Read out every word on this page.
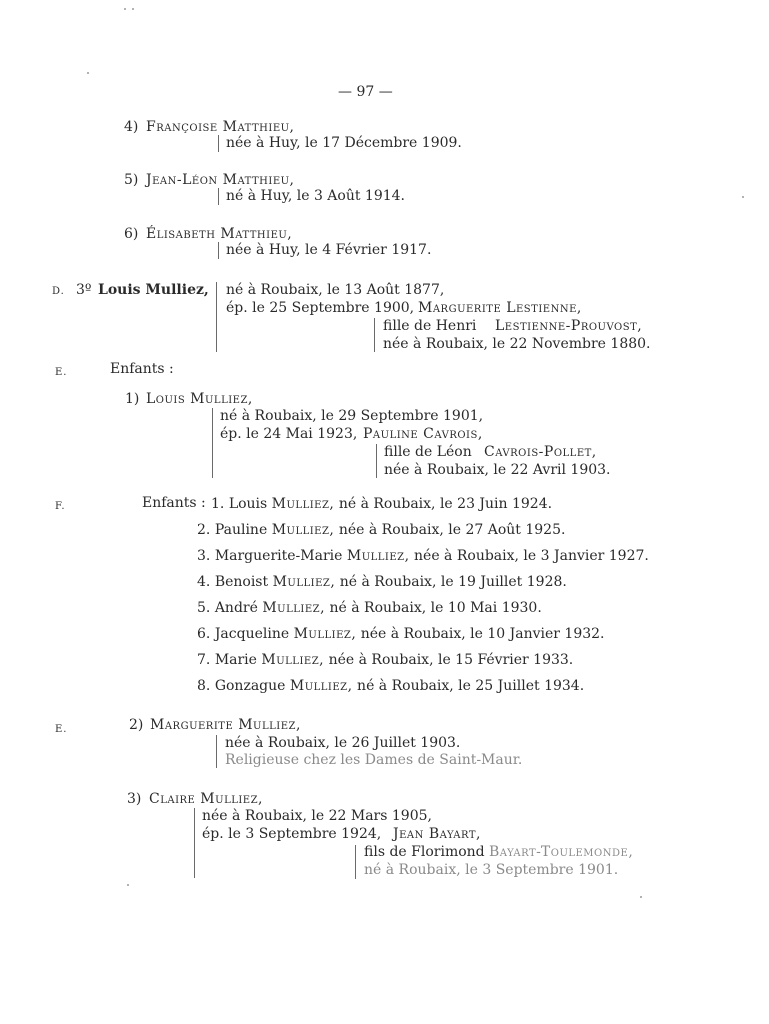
— 97 —
4) Françoise Matthieu,
née à Huy, le 17 Décembre 1909.
5) Jean-Léon Matthieu,
né à Huy, le 3 Août 1914.
6) Élisabeth Matthieu,
née à Huy, le 4 Février 1917.
D. 3º Louis Mulliez, né à Roubaix, le 13 Août 1877,
ép. le 25 Septembre 1900, Marguerite Lestienne,
fille de Henri Lestienne-Prouvost,
née à Roubaix, le 22 Novembre 1880.
E.	Enfants :
1) Louis Mulliez,
né à Roubaix, le 29 Septembre 1901,
ép. le 24 Mai 1923, Pauline Cavrois,
fille de Léon Cavrois-Pollet,
née à Roubaix, le 22 Avril 1903.
F.	Enfants : 1. Louis Mulliez, né à Roubaix, le 23 Juin 1924.
2. Pauline Mulliez, née à Roubaix, le 27 Août 1925.
3. Marguerite-Marie Mulliez, née à Roubaix, le 3 Janvier 1927.
4. Benoist Mulliez, né à Roubaix, le 19 Juillet 1928.
5. André Mulliez, né à Roubaix, le 10 Mai 1930.
6. Jacqueline Mulliez, née à Roubaix, le 10 Janvier 1932.
7. Marie Mulliez, née à Roubaix, le 15 Février 1933.
8. Gonzague Mulliez, né à Roubaix, le 25 Juillet 1934.
E.	2) Marguerite Mulliez,
née à Roubaix, le 26 Juillet 1903.
Religieuse chez les Dames de Saint-Maur.
3) Claire Mulliez,
née à Roubaix, le 22 Mars 1905,
ép. le 3 Septembre 1924, Jean Bayart,
fils de Florimond Bayart-Toulemonde,
né à Roubaix, le 3 Septembre 1901.
